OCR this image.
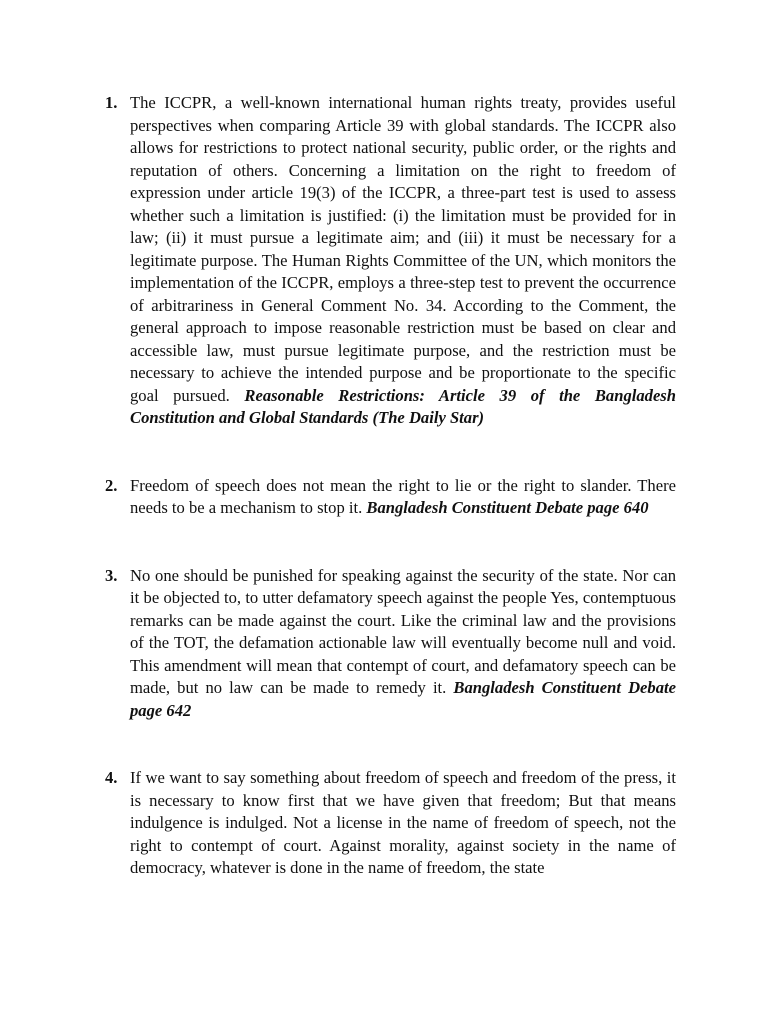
1. The ICCPR, a well-known international human rights treaty, provides useful perspectives when comparing Article 39 with global standards. The ICCPR also allows for restrictions to protect national security, public order, or the rights and reputation of others. Concerning a limitation on the right to freedom of expression under article 19(3) of the ICCPR, a three-part test is used to assess whether such a limitation is justified: (i) the limitation must be provided for in law; (ii) it must pursue a legitimate aim; and (iii) it must be necessary for a legitimate purpose. The Human Rights Committee of the UN, which monitors the implementation of the ICCPR, employs a three-step test to prevent the occurrence of arbitrariness in General Comment No. 34. According to the Comment, the general approach to impose reasonable restriction must be based on clear and accessible law, must pursue legitimate purpose, and the restriction must be necessary to achieve the intended purpose and be proportionate to the specific goal pursued. Reasonable Restrictions: Article 39 of the Bangladesh Constitution and Global Standards (The Daily Star)
2. Freedom of speech does not mean the right to lie or the right to slander. There needs to be a mechanism to stop it. Bangladesh Constituent Debate page 640
3. No one should be punished for speaking against the security of the state. Nor can it be objected to, to utter defamatory speech against the people Yes, contemptuous remarks can be made against the court. Like the criminal law and the provisions of the TOT, the defamation actionable law will eventually become null and void. This amendment will mean that contempt of court, and defamatory speech can be made, but no law can be made to remedy it. Bangladesh Constituent Debate page 642
4. If we want to say something about freedom of speech and freedom of the press, it is necessary to know first that we have given that freedom; But that means indulgence is indulged. Not a license in the name of freedom of speech, not the right to contempt of court. Against morality, against society in the name of democracy, whatever is done in the name of freedom, the state
